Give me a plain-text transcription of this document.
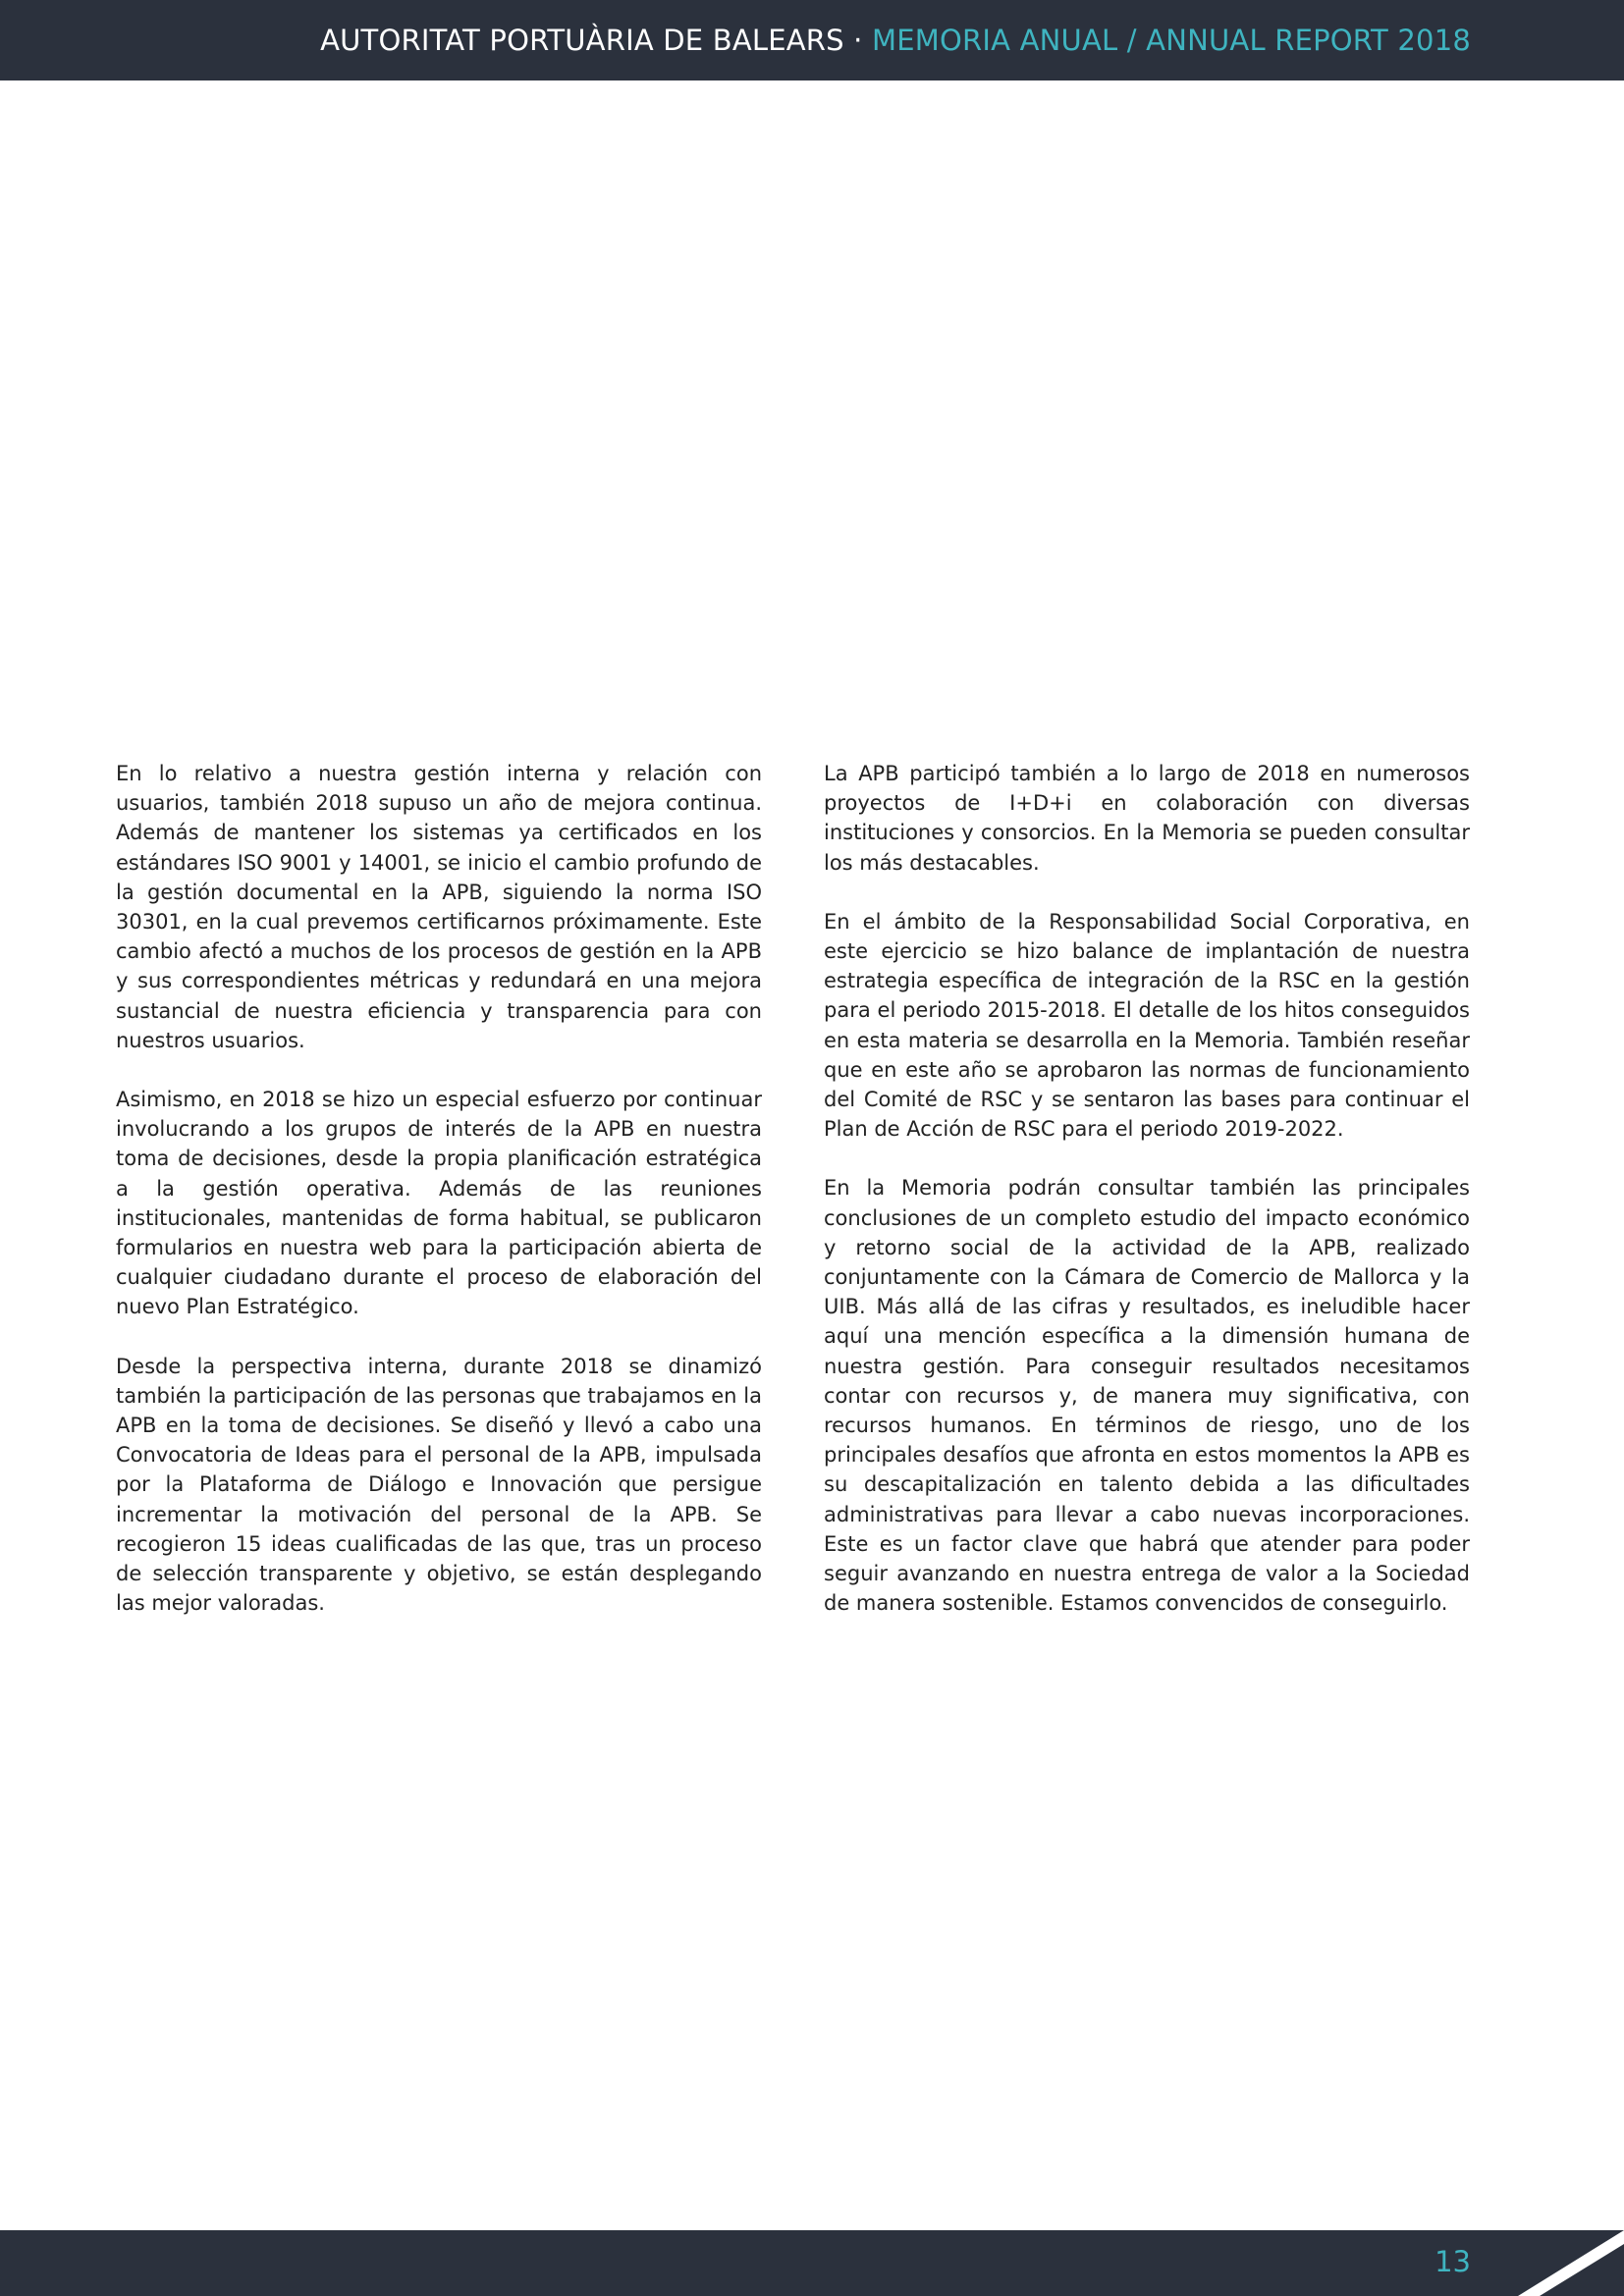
AUTORITAT PORTUÀRIA DE BALEARS · MEMORIA ANUAL / ANNUAL REPORT 2018

En lo relativo a nuestra gestión interna y relación con usuarios, también 2018 supuso un año de mejora continua. Además de mantener los sistemas ya certificados en los estándares ISO 9001 y 14001, se inicio el cambio profundo de la gestión documental en la APB, siguiendo la norma ISO 30301, en la cual prevemos certificarnos próximamente. Este cambio afectó a muchos de los procesos de gestión en la APB y sus correspondientes métricas y redundará en una mejora sustancial de nuestra eficiencia y transparencia para con nuestros usuarios.

Asimismo, en 2018 se hizo un especial esfuerzo por continuar involucrando a los grupos de interés de la APB en nuestra toma de decisiones, desde la propia planificación estratégica a la gestión operativa. Además de las reuniones institucionales, mantenidas de forma habitual, se publicaron formularios en nuestra web para la participación abierta de cualquier ciudadano durante el proceso de elaboración del nuevo Plan Estratégico.

Desde la perspectiva interna, durante 2018 se dinamizó también la participación de las personas que trabajamos en la APB en la toma de decisiones. Se diseñó y llevó a cabo una Convocatoria de Ideas para el personal de la APB, impulsada por la Plataforma de Diálogo e Innovación que persigue incrementar la motivación del personal de la APB. Se recogieron 15 ideas cualificadas de las que, tras un proceso de selección transparente y objetivo, se están desplegando las mejor valoradas.

La APB participó también a lo largo de 2018 en numerosos proyectos de I+D+i en colaboración con diversas instituciones y consorcios. En la Memoria se pueden consultar los más destacables.

En el ámbito de la Responsabilidad Social Corporativa, en este ejercicio se hizo balance de implantación de nuestra estrategia específica de integración de la RSC en la gestión para el periodo 2015-2018. El detalle de los hitos conseguidos en esta materia se desarrolla en la Memoria. También reseñar que en este año se aprobaron las normas de funcionamiento del Comité de RSC y se sentaron las bases para continuar el Plan de Acción de RSC para el periodo 2019-2022.

En la Memoria podrán consultar también las principales conclusiones de un completo estudio del impacto económico y retorno social de la actividad de la APB, realizado conjuntamente con la Cámara de Comercio de Mallorca y la UIB. Más allá de las cifras y resultados, es ineludible hacer aquí una mención específica a la dimensión humana de nuestra gestión. Para conseguir resultados necesitamos contar con recursos y, de manera muy significativa, con recursos humanos. En términos de riesgo, uno de los principales desafíos que afronta en estos momentos la APB es su descapitalización en talento debida a las dificultades administrativas para llevar a cabo nuevas incorporaciones. Este es un factor clave que habrá que atender para poder seguir avanzando en nuestra entrega de valor a la Sociedad de manera sostenible. Estamos convencidos de conseguirlo.

13
